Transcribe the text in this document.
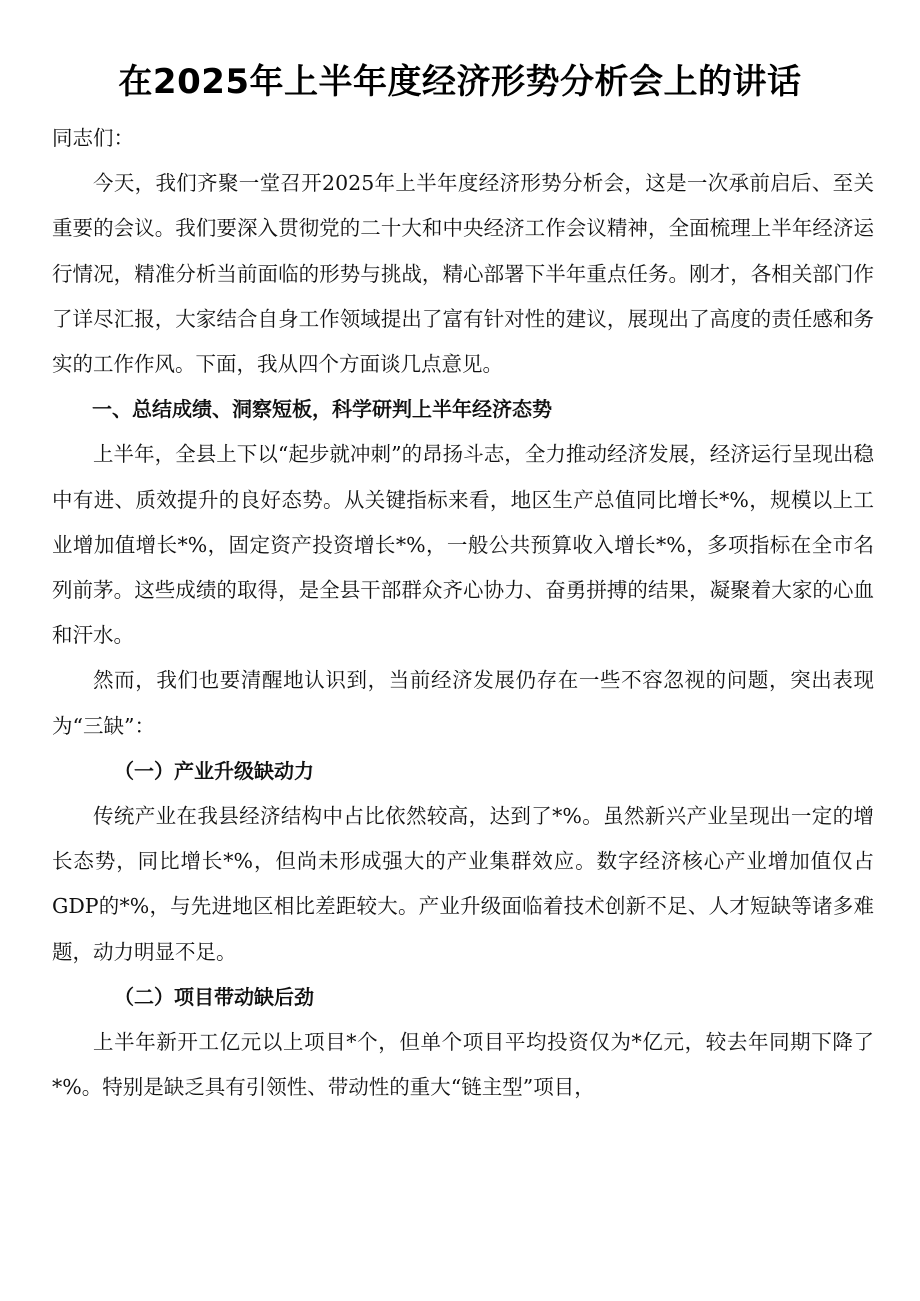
在2025年上半年度经济形势分析会上的讲话

同志们：

今天，我们齐聚一堂召开2025年上半年度经济形势分析会，这是一次承前启后、至关重要的会议。我们要深入贯彻党的二十大和中央经济工作会议精神，全面梳理上半年经济运行情况，精准分析当前面临的形势与挑战，精心部署下半年重点任务。刚才，各相关部门作了详尽汇报，大家结合自身工作领域提出了富有针对性的建议，展现出了高度的责任感和务实的工作作风。下面，我从四个方面谈几点意见。

一、总结成绩、洞察短板，科学研判上半年经济态势

上半年，全县上下以“起步就冲刺”的昂扬斗志，全力推动经济发展，经济运行呈现出稳中有进、质效提升的良好态势。从关键指标来看，地区生产总值同比增长*%，规模以上工业增加值增长*%，固定资产投资增长*%，一般公共预算收入增长*%，多项指标在全市名列前茅。这些成绩的取得，是全县干部群众齐心协力、奋勇拼搏的结果，凝聚着大家的心血和汗水。

然而，我们也要清醒地认识到，当前经济发展仍存在一些不容忽视的问题，突出表现为“三缺”：

（一）产业升级缺动力

传统产业在我县经济结构中占比依然较高，达到了*%。虽然新兴产业呈现出一定的增长态势，同比增长*%，但尚未形成强大的产业集群效应。数字经济核心产业增加值仅占GDP的*%，与先进地区相比差距较大。产业升级面临着技术创新不足、人才短缺等诸多难题，动力明显不足。

（二）项目带动缺后劲

上半年新开工亿元以上项目*个，但单个项目平均投资仅为*亿元，较去年同期下降了*%。特别是缺乏具有引领性、带动性的重大“链主型”项目，
